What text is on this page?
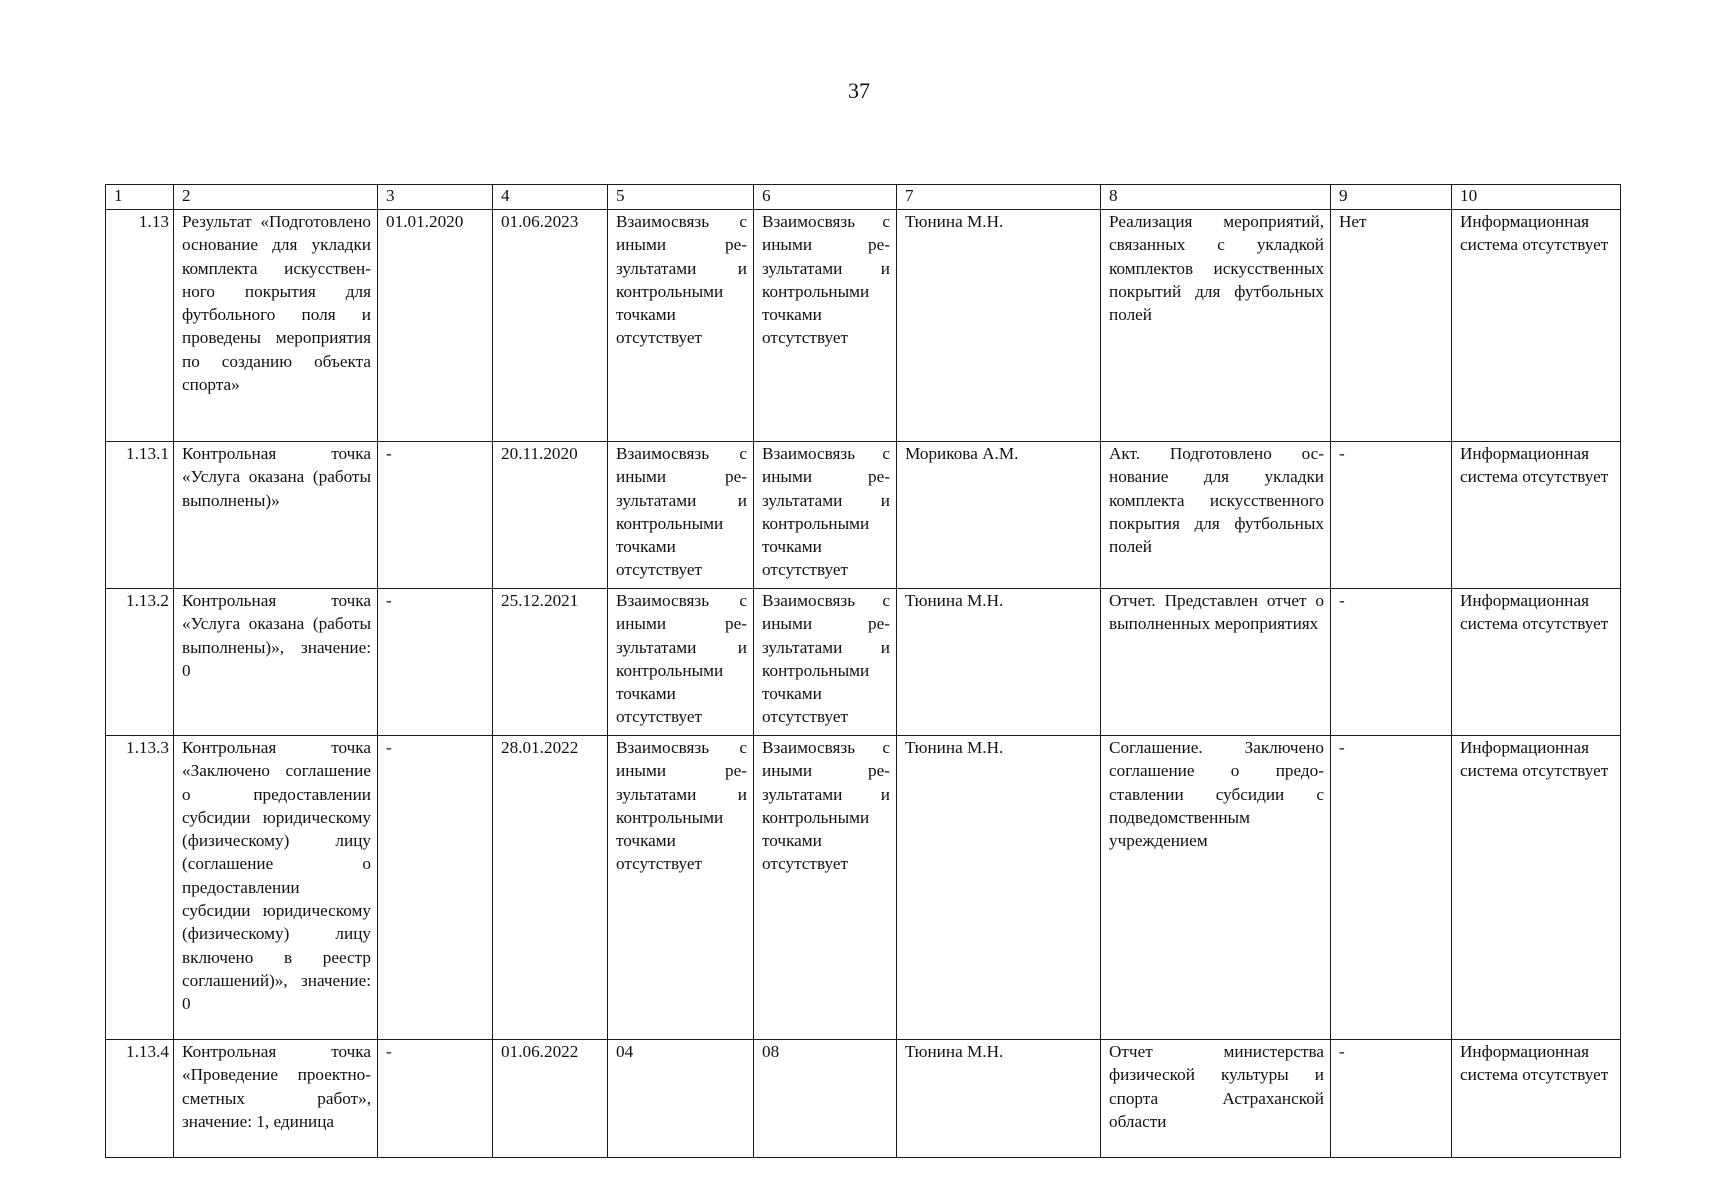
37
1	2	3	4	5	6	7	8	9	10
1.13	Результат «Подготовлено основание для укладки комплекта искусственного покрытия для футбольного поля и проведены мероприятия по созданию объекта спорта»	01.01.2020	01.06.2023	Взаимосвязь с иными результатами и контрольными точками отсутствует	Взаимосвязь с иными результатами и контрольными точками отсутствует	Тюнина М.Н.	Реализация мероприятий, связанных с укладкой комплектов искусственных покрытий для футбольных полей	Нет	Информационная система отсутствует
1.13.1	Контрольная точка «Услуга оказана (работы выполнены)»	-	20.11.2020	Взаимосвязь с иными результатами и контрольными точками отсутствует	Взаимосвязь с иными результатами и контрольными точками отсутствует	Морикова А.М.	Акт. Подготовлено основание для укладки комплекта искусственного покрытия для футбольных полей	-	Информационная система отсутствует
1.13.2	Контрольная точка «Услуга оказана (работы выполнены)», значение: 0	-	25.12.2021	Взаимосвязь с иными результатами и контрольными точками отсутствует	Взаимосвязь с иными результатами и контрольными точками отсутствует	Тюнина М.Н.	Отчет. Представлен отчет о выполненных мероприятиях	-	Информационная система отсутствует
1.13.3	Контрольная точка «Заключено соглашение о предоставлении субсидии юридическому (физическому) лицу (соглашение о предоставлении субсидии юридическому (физическому) лицу включено в реестр соглашений)», значение: 0	-	28.01.2022	Взаимосвязь с иными результатами и контрольными точками отсутствует	Взаимосвязь с иными результатами и контрольными точками отсутствует	Тюнина М.Н.	Соглашение. Заключено соглашение о предоставлении субсидии с подведомственным учреждением	-	Информационная система отсутствует
1.13.4	Контрольная точка «Проведение проектно-сметных работ», значение: 1, единица	-	01.06.2022	04	08	Тюнина М.Н.	Отчет министерства физической культуры и спорта Астраханской области	-	Информационная система отсутствует
